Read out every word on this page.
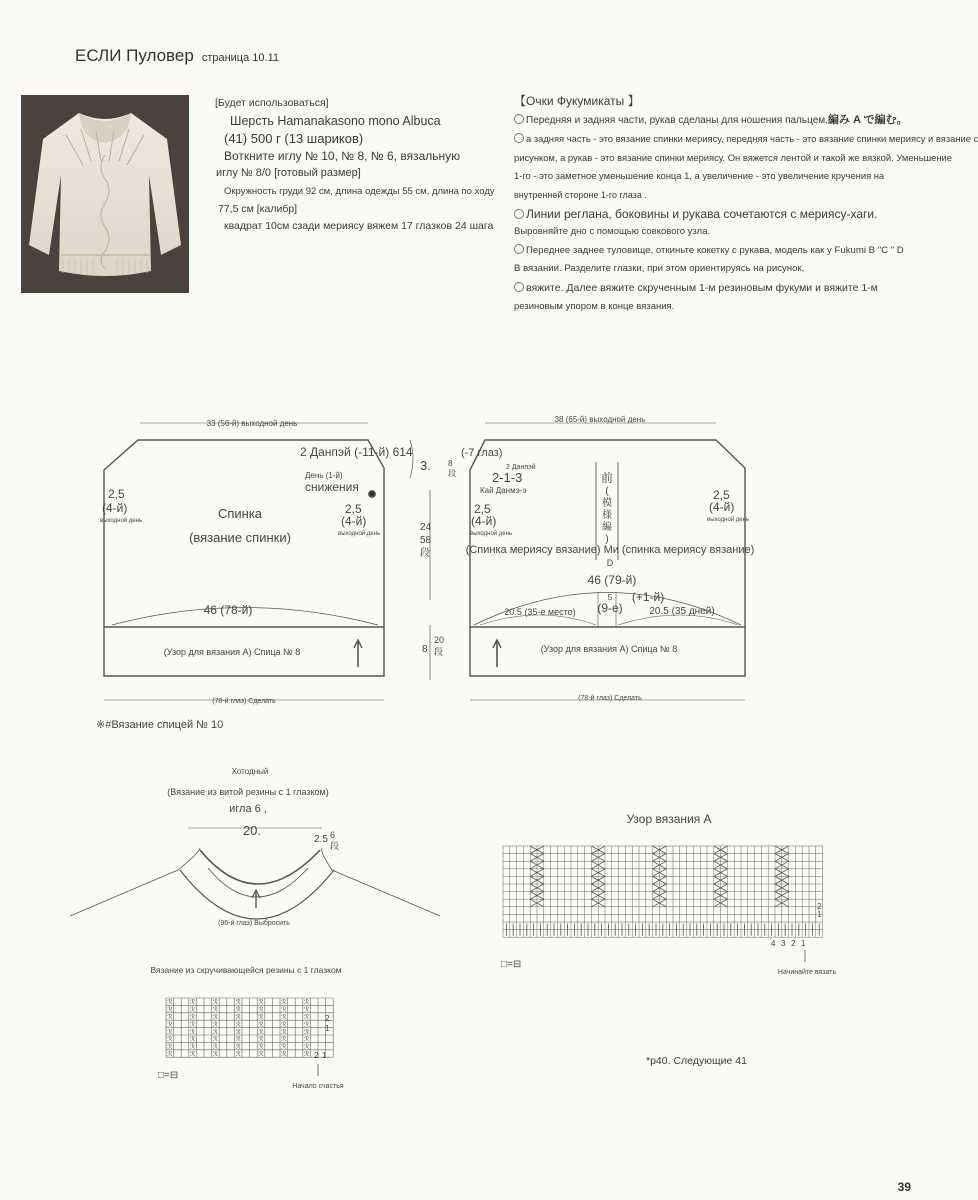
ЕСЛИ Пуловер страница 10.11
[Будет использоваться]
Шерсть Hamanakasono mono Albuca
(41) 500 г (13 шариков)
Воткните иглу № 10, № 8, № 6, вязальную
иглу № 8/0 [готовый размер]
Окружность груди 92 см, длина одежды 55 см, длина по ходу
77,5 см [калибр]
квадрат 10см сзади мериясу вяжем 17 глазков 24 шага
【Очки Фукумикаты 】
Передняя и задняя части, рукав сделаны для ношения пальцем.編み A で編む。
а задняя часть - это вязание спинки мериясу, передняя часть - это вязание спинки мериясу и вязание с
рисунком, а рукав - это вязание спинки мериясу. Он вяжется лентой и такой же вязкой. Уменьшение
1-го - это заметное уменьшение конца 1, а увеличение - это увеличение кручения на
внутренней стороне 1-го глаза .
Линии реглана, боковины и рукава сочетаются с мериясу-хаги.
Выровняйте дно с помощью совкового узла.
Переднее заднее туловище, откиньте кокетку с рукава, модель как у Fukumi B "C " D
В вязании. Разделите глазки, при этом ориентируясь на рисунок,
вяжите. Далее вяжите скрученным 1-м резиновым фукуми и вяжите 1-м
резиновым упором в конце вязания.
33 (56-й) выходной день
2 Данпэй (-11-й) 614
День (1-й)
снижения
2,5
(4-й)
выходной день
2,5
(4-й)
выходной день
Спинка
(вязание спинки)
46 (78-й)
(Узор для вязания А) Спица № 8
(78-й глаз) Сделать
※#Вязание спицей № 10
3. 8
段
24
58
段
8
20
段
38 (65-й) выходной день
(-7 глаз)
2 Данпэй
2-1-3
Кай Данмэ-э
2,5
(4-й)
выходной день
2,5
(4-й)
выходной день
前
(
模
様
編
)
(Спинка мериясу вязание) Ми (спинка мериясу вязание)
D
46 (79-й)
5 (+1-й)
(9-е)
20.5 (35-е место)	20.5 (35 дней)
(Узор для вязания А) Спица № 8
(78-й глаз) Сделать
Хотодный
(Вязание из витой резины с 1 глазком)
игла 6 ,
20.
2.5 6
段
(96-й глаз) Выбросить
Вязание из скручивающейся резины с 1 глазком
ℛ	ℛ	ℛ	ℛ	ℛ	ℛ	ℛ
ℛ	ℛ	ℛ	ℛ	ℛ	ℛ	ℛ
ℛ	ℛ	ℛ	ℛ	ℛ	ℛ	ℛ
ℛ	ℛ	ℛ	ℛ	ℛ	ℛ	ℛ
ℛ	ℛ	ℛ	ℛ	ℛ	ℛ	ℛ
ℛ	ℛ	ℛ	ℛ	ℛ	ℛ	ℛ
ℛ	ℛ	ℛ	ℛ	ℛ	ℛ	ℛ
ℛ	ℛ	ℛ	ℛ	ℛ	ℛ	ℛ
2
1
2 1
□=⊟
Начало счастья
Узор вязания А
2
1
4 3 2 1
□=⊟
Начинайте вязать
*p40. Следующие 41
39
